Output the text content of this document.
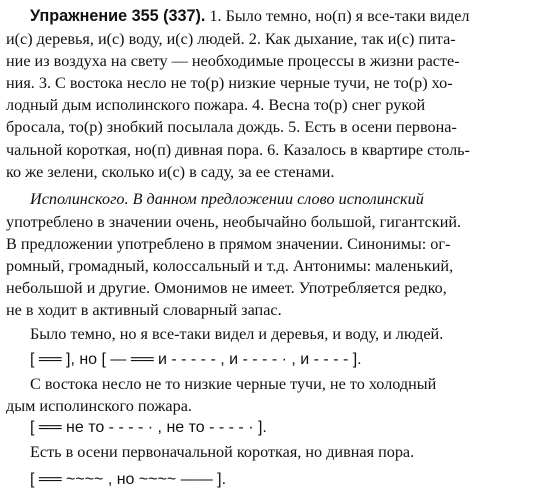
Упражнение 355 (337). 1. Было темно, но(п) я все-таки видел
и(с) деревья, и(с) воду, и(с) людей. 2. Как дыхание, так и(с) пита-
ние из воздуха на свету — необходимые процессы в жизни расте-
ния. 3. С востока несло не то(р) низкие черные тучи, не то(р) хо-
лодный дым исполинского пожара. 4. Весна то(р) снег рукой
бросала, то(р) знобкий посылала дождь. 5. Есть в осени первона-
чальной короткая, но(п) дивная пора. 6. Казалось в квартире столь-
ко же зелени, сколько и(с) в саду, за ее стенами.
Исполинского. В данном предложении слово исполинский
употреблено в значении очень, необычайно большой, гигантский.
В предложении употреблено в прямом значении. Синонимы: ог-
ромный, громадный, колоссальный и т.д. Антонимы: маленький,
небольшой и другие. Омонимов не имеет. Употребляется редко,
не в ходит в активный словарный запас.
Было темно, но я все-таки видел и деревья, и воду, и людей.
[ ══ ], но [ — ══ и - - - - - , и - - - - · , и - - - - ].
С востока несло не то низкие черные тучи, не то холодный
дым исполинского пожара.
[ ══ не то - - - - · , не то - - - - · ].
Есть в осени первоначальной короткая, но дивная пора.
[ ══ ~~~~ , но ~~~~ —— ].
